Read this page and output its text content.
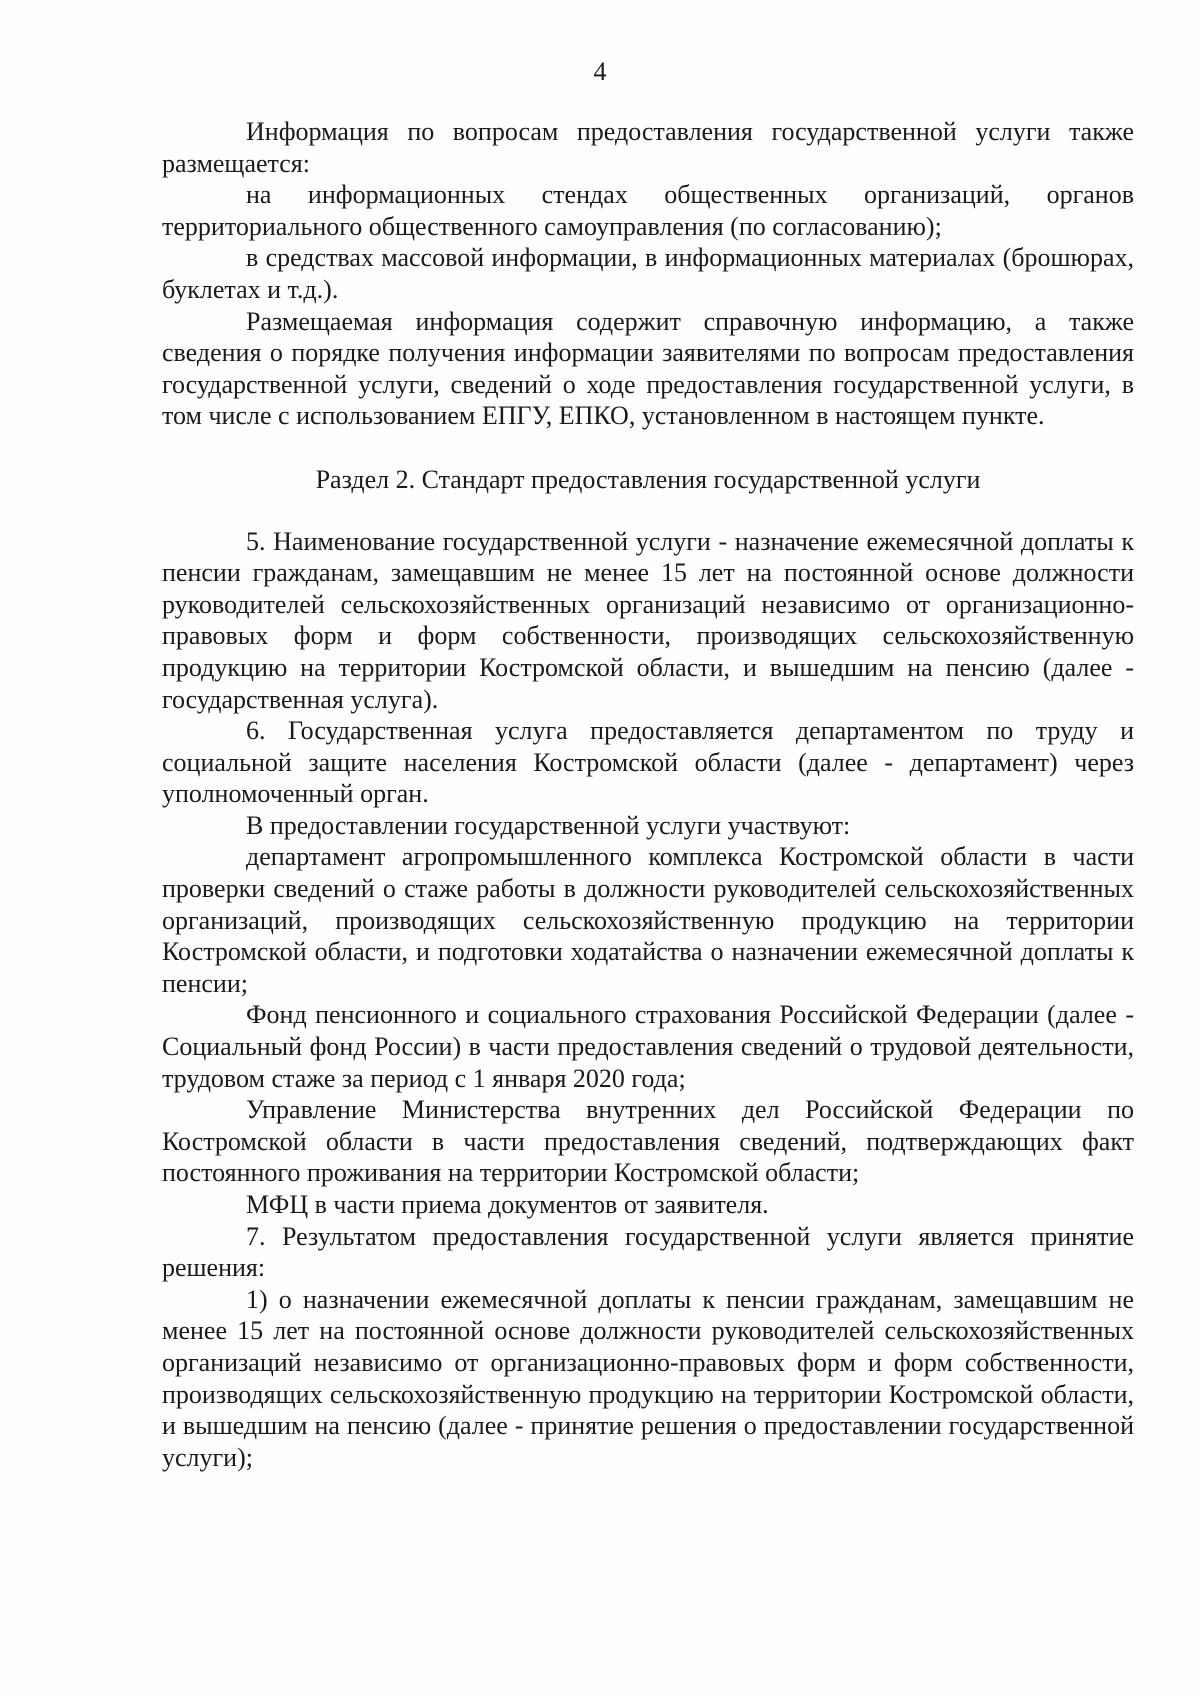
4

Информация по вопросам предоставления государственной услуги также размещается:

на информационных стендах общественных организаций, органов территориального общественного самоуправления (по согласованию);

в средствах массовой информации, в информационных материалах (брошюрах, буклетах и т.д.).

Размещаемая информация содержит справочную информацию, а также сведения о порядке получения информации заявителями по вопросам предоставления государственной услуги, сведений о ходе предоставления государственной услуги, в том числе с использованием ЕПГУ, ЕПКО, установленном в настоящем пункте.

Раздел 2. Стандарт предоставления государственной услуги

5. Наименование государственной услуги - назначение ежемесячной доплаты к пенсии гражданам, замещавшим не менее 15 лет на постоянной основе должности руководителей сельскохозяйственных организаций независимо от организационно-правовых форм и форм собственности, производящих сельскохозяйственную продукцию на территории Костромской области, и вышедшим на пенсию (далее - государственная услуга).

6. Государственная услуга предоставляется департаментом по труду и социальной защите населения Костромской области (далее - департамент) через уполномоченный орган.

В предоставлении государственной услуги участвуют:

департамент агропромышленного комплекса Костромской области в части проверки сведений о стаже работы в должности руководителей сельскохозяйственных организаций, производящих сельскохозяйственную продукцию на территории Костромской области, и подготовки ходатайства о назначении ежемесячной доплаты к пенсии;

Фонд пенсионного и социального страхования Российской Федерации (далее - Социальный фонд России) в части предоставления сведений о трудовой деятельности, трудовом стаже за период с 1 января 2020 года;

Управление Министерства внутренних дел Российской Федерации по Костромской области в части предоставления сведений, подтверждающих факт постоянного проживания на территории Костромской области;

МФЦ в части приема документов от заявителя.

7. Результатом предоставления государственной услуги является принятие решения:

1) о назначении ежемесячной доплаты к пенсии гражданам, замещавшим не менее 15 лет на постоянной основе должности руководителей сельскохозяйственных организаций независимо от организационно-правовых форм и форм собственности, производящих сельскохозяйственную продукцию на территории Костромской области, и вышедшим на пенсию (далее - принятие решения о предоставлении государственной услуги);
